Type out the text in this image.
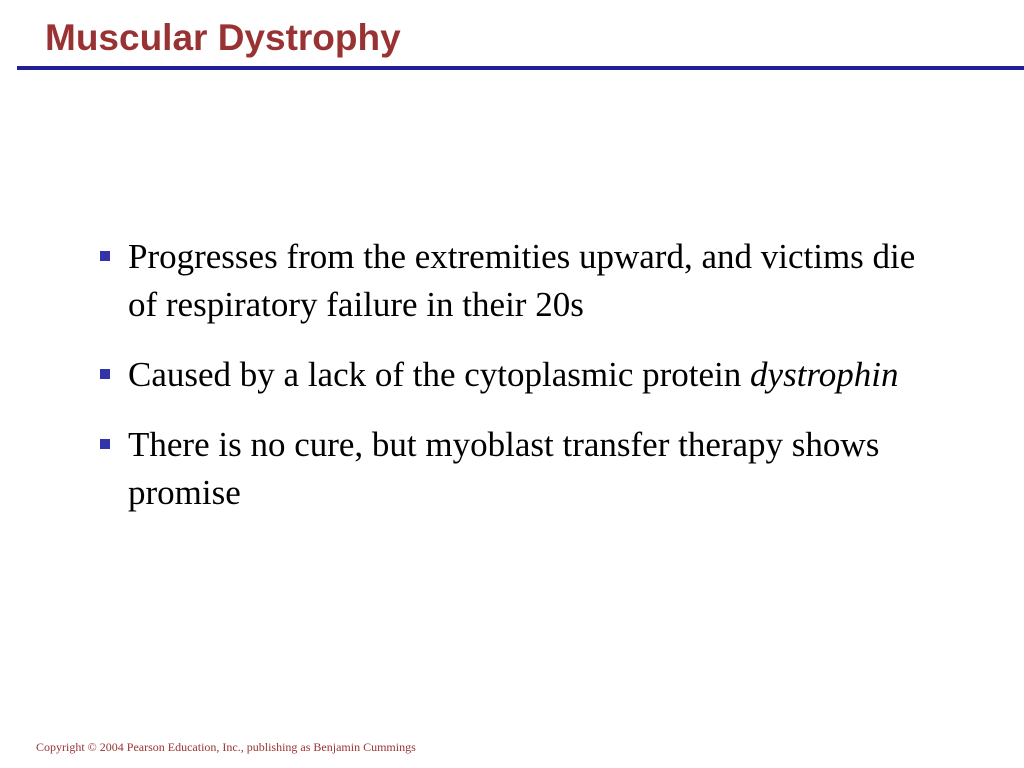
Muscular Dystrophy
Progresses from the extremities upward, and victims die of respiratory failure in their 20s
Caused by a lack of the cytoplasmic protein dystrophin
There is no cure, but myoblast transfer therapy shows promise
Copyright © 2004 Pearson Education, Inc., publishing as Benjamin Cummings
